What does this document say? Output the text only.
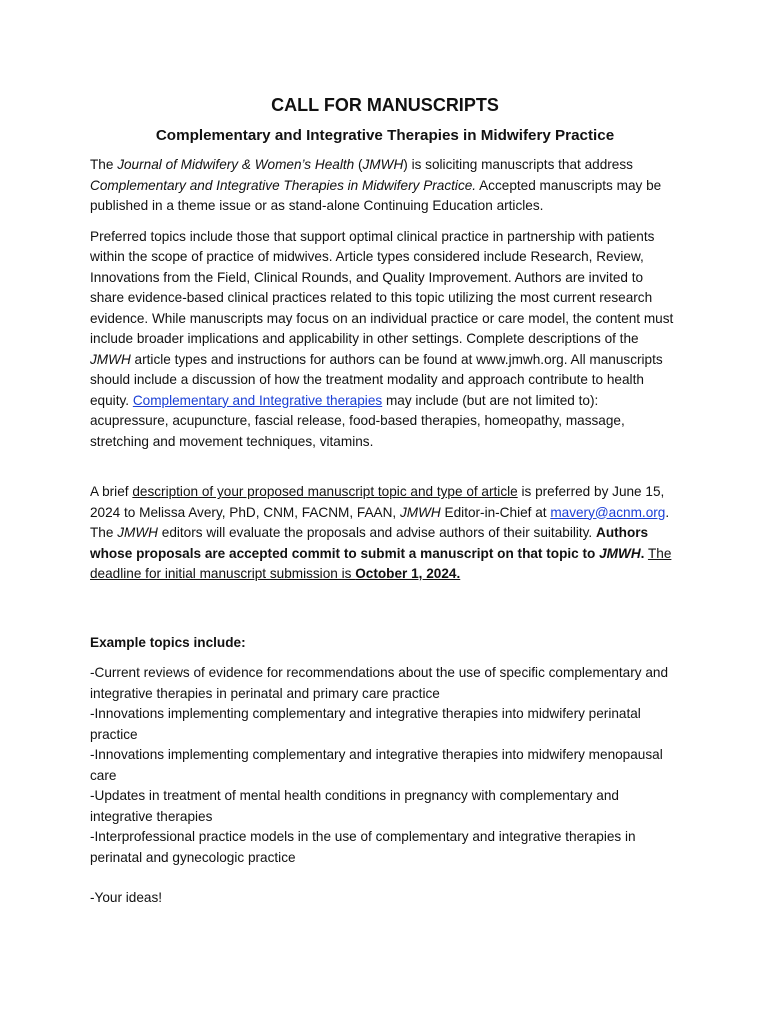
CALL FOR MANUSCRIPTS
Complementary and Integrative Therapies in Midwifery Practice

The Journal of Midwifery & Women’s Health (JMWH) is soliciting manuscripts that address Complementary and Integrative Therapies in Midwifery Practice. Accepted manuscripts may be published in a theme issue or as stand-alone Continuing Education articles.

Preferred topics include those that support optimal clinical practice in partnership with patients within the scope of practice of midwives. Article types considered include Research, Review, Innovations from the Field, Clinical Rounds, and Quality Improvement. Authors are invited to share evidence-based clinical practices related to this topic utilizing the most current research evidence. While manuscripts may focus on an individual practice or care model, the content must include broader implications and applicability in other settings. Complete descriptions of the JMWH article types and instructions for authors can be found at www.jmwh.org. All manuscripts should include a discussion of how the treatment modality and approach contribute to health equity. Complementary and Integrative therapies may include (but are not limited to): acupressure, acupuncture, fascial release, food-based therapies, homeopathy, massage, stretching and movement techniques, vitamins.

A brief description of your proposed manuscript topic and type of article is preferred by June 15, 2024 to Melissa Avery, PhD, CNM, FACNM, FAAN, JMWH Editor-in-Chief at mavery@acnm.org. The JMWH editors will evaluate the proposals and advise authors of their suitability. Authors whose proposals are accepted commit to submit a manuscript on that topic to JMWH. The deadline for initial manuscript submission is October 1, 2024.

Example topics include:

-Current reviews of evidence for recommendations about the use of specific complementary and integrative therapies in perinatal and primary care practice
-Innovations implementing complementary and integrative therapies into midwifery perinatal practice
-Innovations implementing complementary and integrative therapies into midwifery menopausal care
-Updates in treatment of mental health conditions in pregnancy with complementary and integrative therapies
-Interprofessional practice models in the use of complementary and integrative therapies in perinatal and gynecologic practice
-Your ideas!
